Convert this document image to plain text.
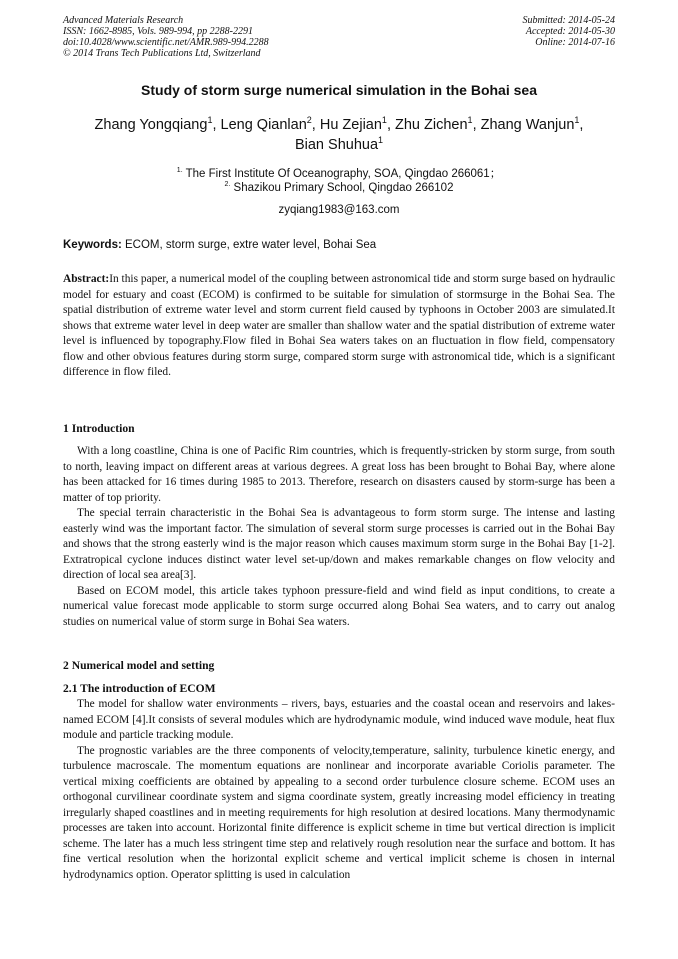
Advanced Materials Research
ISSN: 1662-8985, Vols. 989-994, pp 2288-2291
doi:10.4028/www.scientific.net/AMR.989-994.2288
© 2014 Trans Tech Publications Ltd, Switzerland
Submitted: 2014-05-24
Accepted: 2014-05-30
Online: 2014-07-16
Study of storm surge numerical simulation in the Bohai sea
Zhang Yongqiang$^1$, Leng Qianlan$^2$, Hu Zejian$^1$, Zhu Zichen$^1$, Zhang Wanjun$^1$,
Bian Shuhua$^1$
$^{1.}$ The First Institute Of Oceanography, SOA, Qingdao 266061；
$^{2.}$ Shazikou Primary School, Qingdao 266102
zyqiang1983@163.com
Keywords: ECOM, storm surge, extre water level, Bohai Sea

Abstract:In this paper, a numerical model of the coupling between astronomical tide and storm surge based on hydraulic model for estuary and coast (ECOM) is confirmed to be suitable for simulation of stormsurge in the Bohai Sea. The spatial distribution of extreme water level and storm current field caused by typhoons in October 2003 are simulated.It shows that extreme water level in deep water are smaller than shallow water and the spatial distribution of extreme water level is influenced by topography.Flow filed in Bohai Sea waters takes on an fluctuation in flow field, compensatory flow and other obvious features during storm surge, compared storm surge with astronomical tide, which is a significant difference in flow filed.

1 Introduction

With a long coastline, China is one of Pacific Rim countries, which is frequently-stricken by storm surge, from south to north, leaving impact on different areas at various degrees. A great loss has been brought to Bohai Bay, where alone has been attacked for 16 times during 1985 to 2013. Therefore, research on disasters caused by storm-surge has been a matter of top priority.

The special terrain characteristic in the Bohai Sea is advantageous to form storm surge. The intense and lasting easterly wind was the important factor. The simulation of several storm surge processes is carried out in the Bohai Bay and shows that the strong easterly wind is the major reason which causes maximum storm surge in the Bohai Bay [1-2]. Extratropical cyclone induces distinct water level set-up/down and makes remarkable changes on flow velocity and direction of local sea area[3].

Based on ECOM model, this article takes typhoon pressure-field and wind field as input conditions, to create a numerical value forecast mode applicable to storm surge occurred along Bohai Sea waters, and to carry out analog studies on numerical value of storm surge in Bohai Sea waters.

2 Numerical model and setting
2.1 The introduction of ECOM

The model for shallow water environments – rivers, bays, estuaries and the coastal ocean and reservoirs and lakes- named ECOM [4].It consists of several modules which are hydrodynamic module, wind induced wave module, heat flux module and particle tracking module.

The prognostic variables are the three components of velocity,temperature, salinity, turbulence kinetic energy, and turbulence macroscale. The momentum equations are nonlinear and incorporate avariable Coriolis parameter. The vertical mixing coefficients are obtained by appealing to a second order turbulence closure scheme. ECOM uses an orthogonal curvilinear coordinate system and sigma coordinate system, greatly increasing model efficiency in treating irregularly shaped coastlines and in meeting requirements for high resolution at desired locations. Many thermodynamic processes are taken into account. Horizontal finite difference is explicit scheme in time but vertical direction is implicit scheme. The later has a much less stringent time step and relatively rough resolution near the surface and bottom. It has fine vertical resolution when the horizontal explicit scheme and vertical implicit scheme is chosen in internal hydrodynamics option. Operator splitting is used in calculation
